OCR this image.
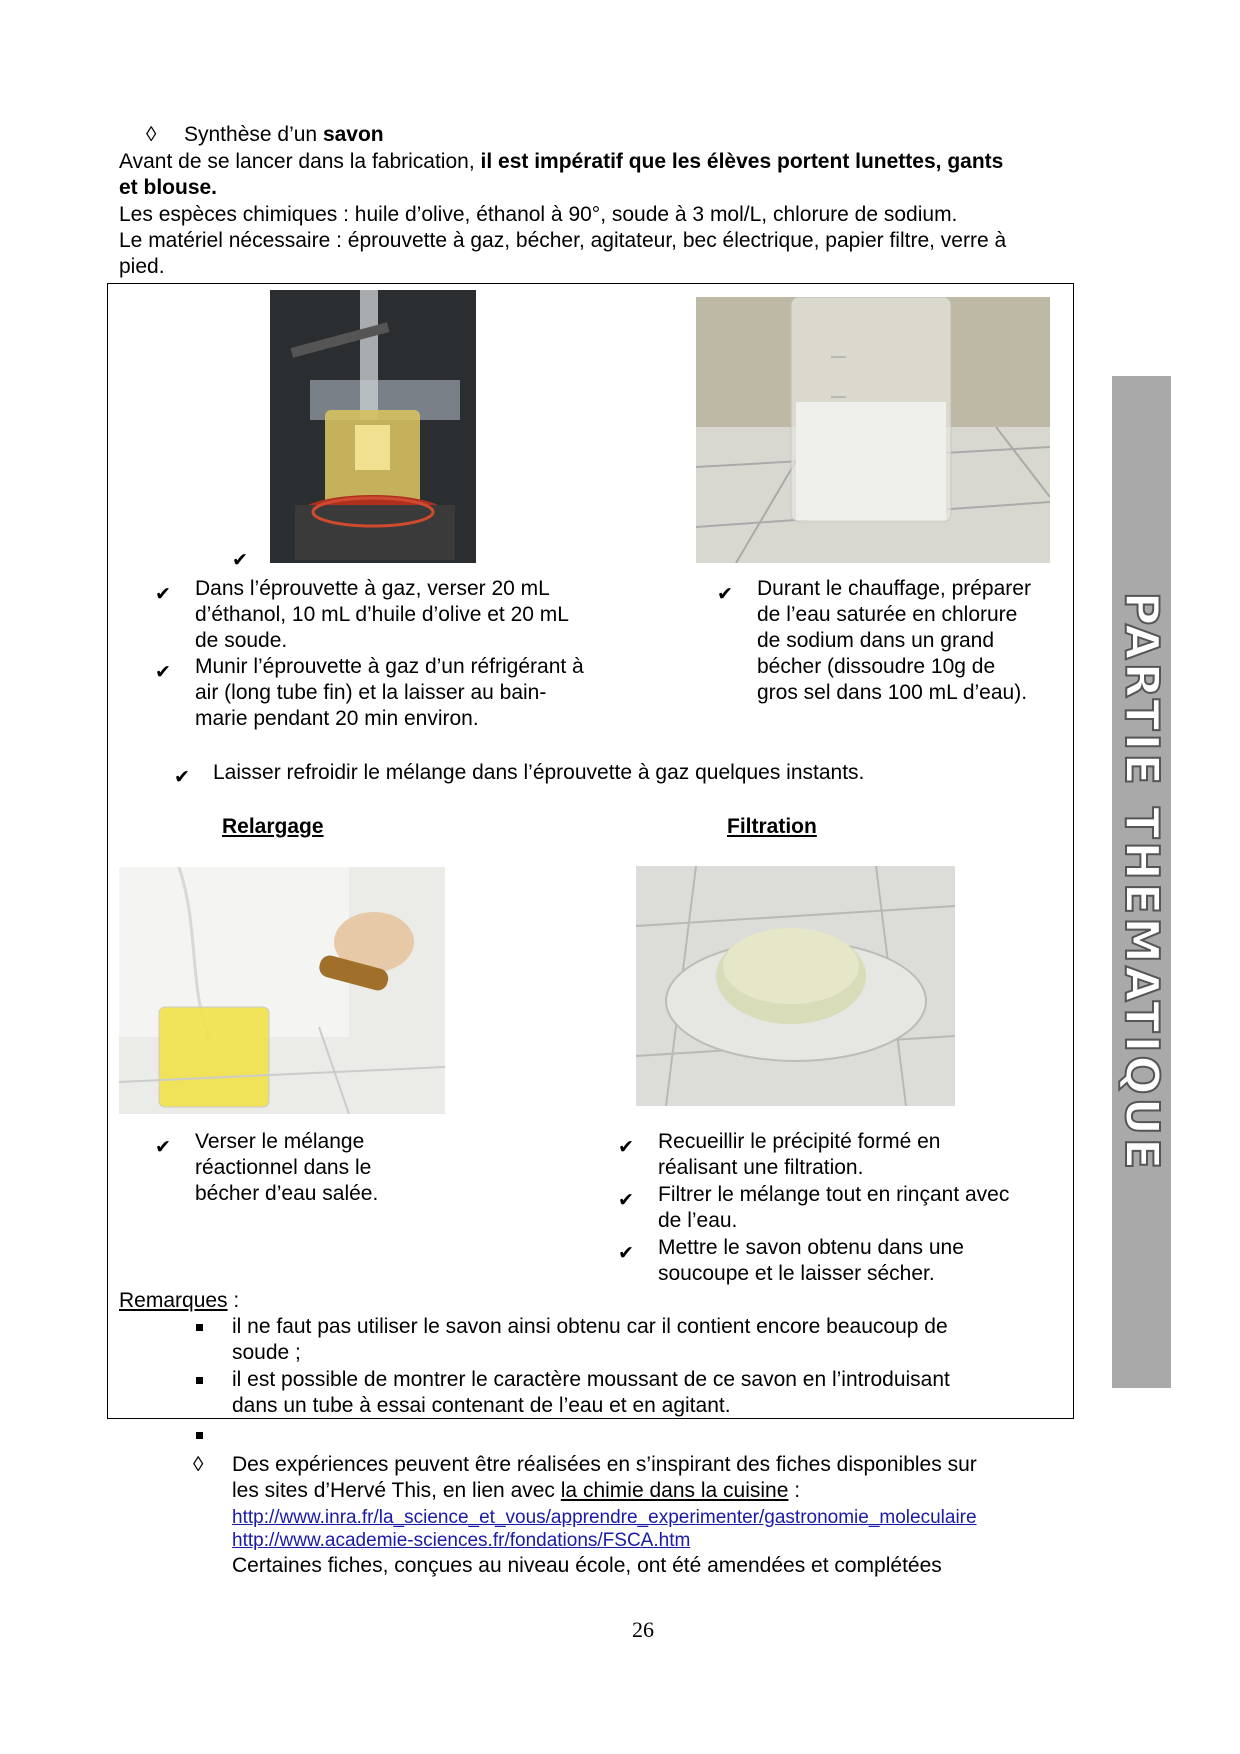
◊ Synthèse d’un savon
Avant de se lancer dans la fabrication, il est impératif que les élèves portent lunettes, gants
et blouse.
Les espèces chimiques : huile d’olive, éthanol à 90°, soude à 3 mol/L, chlorure de sodium.
Le matériel nécessaire : éprouvette à gaz, bécher, agitateur, bec électrique, papier filtre, verre à
pied.
✔
✔ Dans l’éprouvette à gaz, verser 20 mL
d’éthanol, 10 mL d’huile d’olive et 20 mL
de soude.
✔ Munir l’éprouvette à gaz d’un réfrigérant à
air (long tube fin) et la laisser au bain-
marie pendant 20 min environ.
✔ Durant le chauffage, préparer
de l’eau saturée en chlorure
de sodium dans un grand
bécher (dissoudre 10g de
gros sel dans 100 mL d’eau).
✔ Laisser refroidir le mélange dans l’éprouvette à gaz quelques instants.
Relargage	Filtration
✔ Verser le mélange
réactionnel dans le
bécher d’eau salée.
✔ Recueillir le précipité formé en
réalisant une filtration.
✔ Filtrer le mélange tout en rinçant avec
de l’eau.
✔ Mettre le savon obtenu dans une
soucoupe et le laisser sécher.
Remarques :
il ne faut pas utiliser le savon ainsi obtenu car il contient encore beaucoup de
soude ;
il est possible de montrer le caractère moussant de ce savon en l’introduisant
dans un tube à essai contenant de l’eau et en agitant.
◊ Des expériences peuvent être réalisées en s’inspirant des fiches disponibles sur
les sites d’Hervé This, en lien avec la chimie dans la cuisine :
http://www.inra.fr/la_science_et_vous/apprendre_experimenter/gastronomie_moleculaire
http://www.academie-sciences.fr/fondations/FSCA.htm
Certaines fiches, conçues au niveau école, ont été amendées et complétées
PARTIE THEMATIQUE
26
